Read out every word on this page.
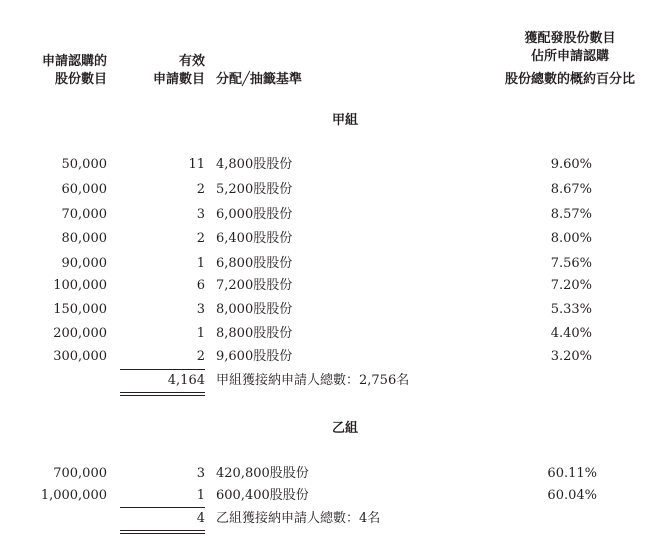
申請認購的
股份數目
有效
申請數目 分配╱抽籤基準
獲配發股份數目
佔所申請認購
股份總數的概約百分比
甲組
50,000	11 4,800股股份	9.60%
60,000	2 5,200股股份	8.67%
70,000	3 6,000股股份	8.57%
80,000	2 6,400股股份	8.00%
90,000	1 6,800股股份	7.56%
100,000	6 7,200股股份	7.20%
150,000	3 8,000股股份	5.33%
200,000	1 8,800股股份	4.40%
300,000	2 9,600股股份	3.20%
4,164 甲組獲接納申請人總數：2,756名
乙組
700,000	3 420,800股股份	60.11%
1,000,000	1 600,400股股份	60.04%
4 乙組獲接納申請人總數：4名
